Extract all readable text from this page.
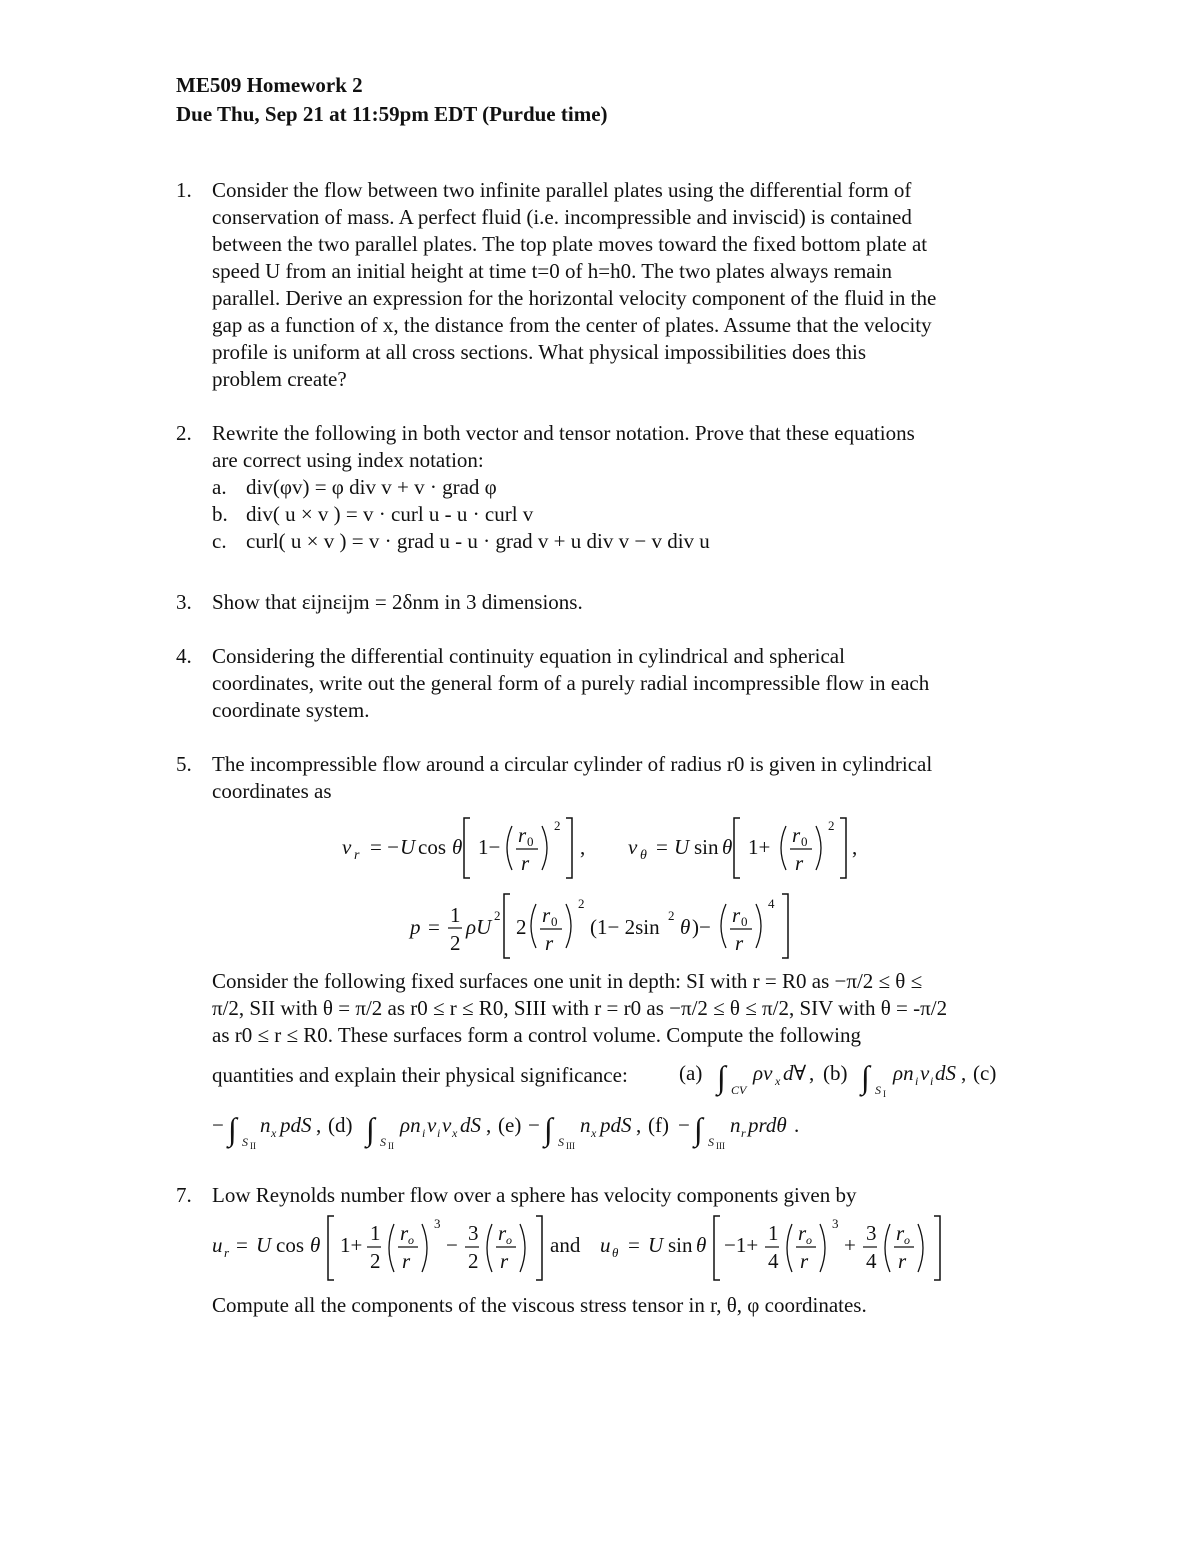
ME509 Homework 2
Due Thu, Sep 21 at 11:59pm EDT (Purdue time)
1. Consider the flow between two infinite parallel plates using the differential form of
conservation of mass. A perfect fluid (i.e. incompressible and inviscid) is contained
between the two parallel plates. The top plate moves toward the fixed bottom plate at
speed U from an initial height at time t=0 of h=h0. The two plates always remain
parallel. Derive an expression for the horizontal velocity component of the fluid in the
gap as a function of x, the distance from the center of plates. Assume that the velocity
profile is uniform at all cross sections. What physical impossibilities does this
problem create?
2. Rewrite the following in both vector and tensor notation. Prove that these equations
are correct using index notation:
a. div(φv) = φ div v + v · grad φ
b. div( u × v ) = v · curl u - u · curl v
c. curl( u × v ) = v · grad u - u · grad v + u div v − v div u
3. Show that εijnεijm = 2δnm in 3 dimensions.
4. Considering the differential continuity equation in cylindrical and spherical
coordinates, write out the general form of a purely radial incompressible flow in each
coordinate system.
5. The incompressible flow around a circular cylinder of radius r0 is given in cylindrical
coordinates as
v r = − U cos θ 1− r 0
r
2
, v θ = U sin θ 1+ r 0
r
2
,
p = 1
2
ρU 2 2 r 0
r
2
(1− 2sin 2 θ )− r 0
r
4
Consider the following fixed surfaces one unit in depth: SI with r = R0 as −π/2 ≤ θ ≤
π/2, SII with θ = π/2 as r0 ≤ r ≤ R0, SIII with r = r0 as −π/2 ≤ θ ≤ π/2, SIV with θ = -π/2
as r0 ≤ r ≤ R0. These surfaces form a control volume. Compute the following
quantities and explain their physical significance: (a) ∫ CV
ρv x d∀ , (b) ∫ S I
ρn i v i dS , (c)
− ∫ S II
n x pdS , (d) ∫ S II
ρn i v i v x dS , (e) − ∫ S III
n x pdS , (f) − ∫ S III
n r prdθ .
7. Low Reynolds number flow over a sphere has velocity components given by
u r = U cos θ 1+ 1
2
r o
r
3
− 3
2
r o
r
and u θ = U sin θ −1+ 1
4
r o
r
3
+ 3
4
r o
r
Compute all the components of the viscous stress tensor in r, θ, φ coordinates.
